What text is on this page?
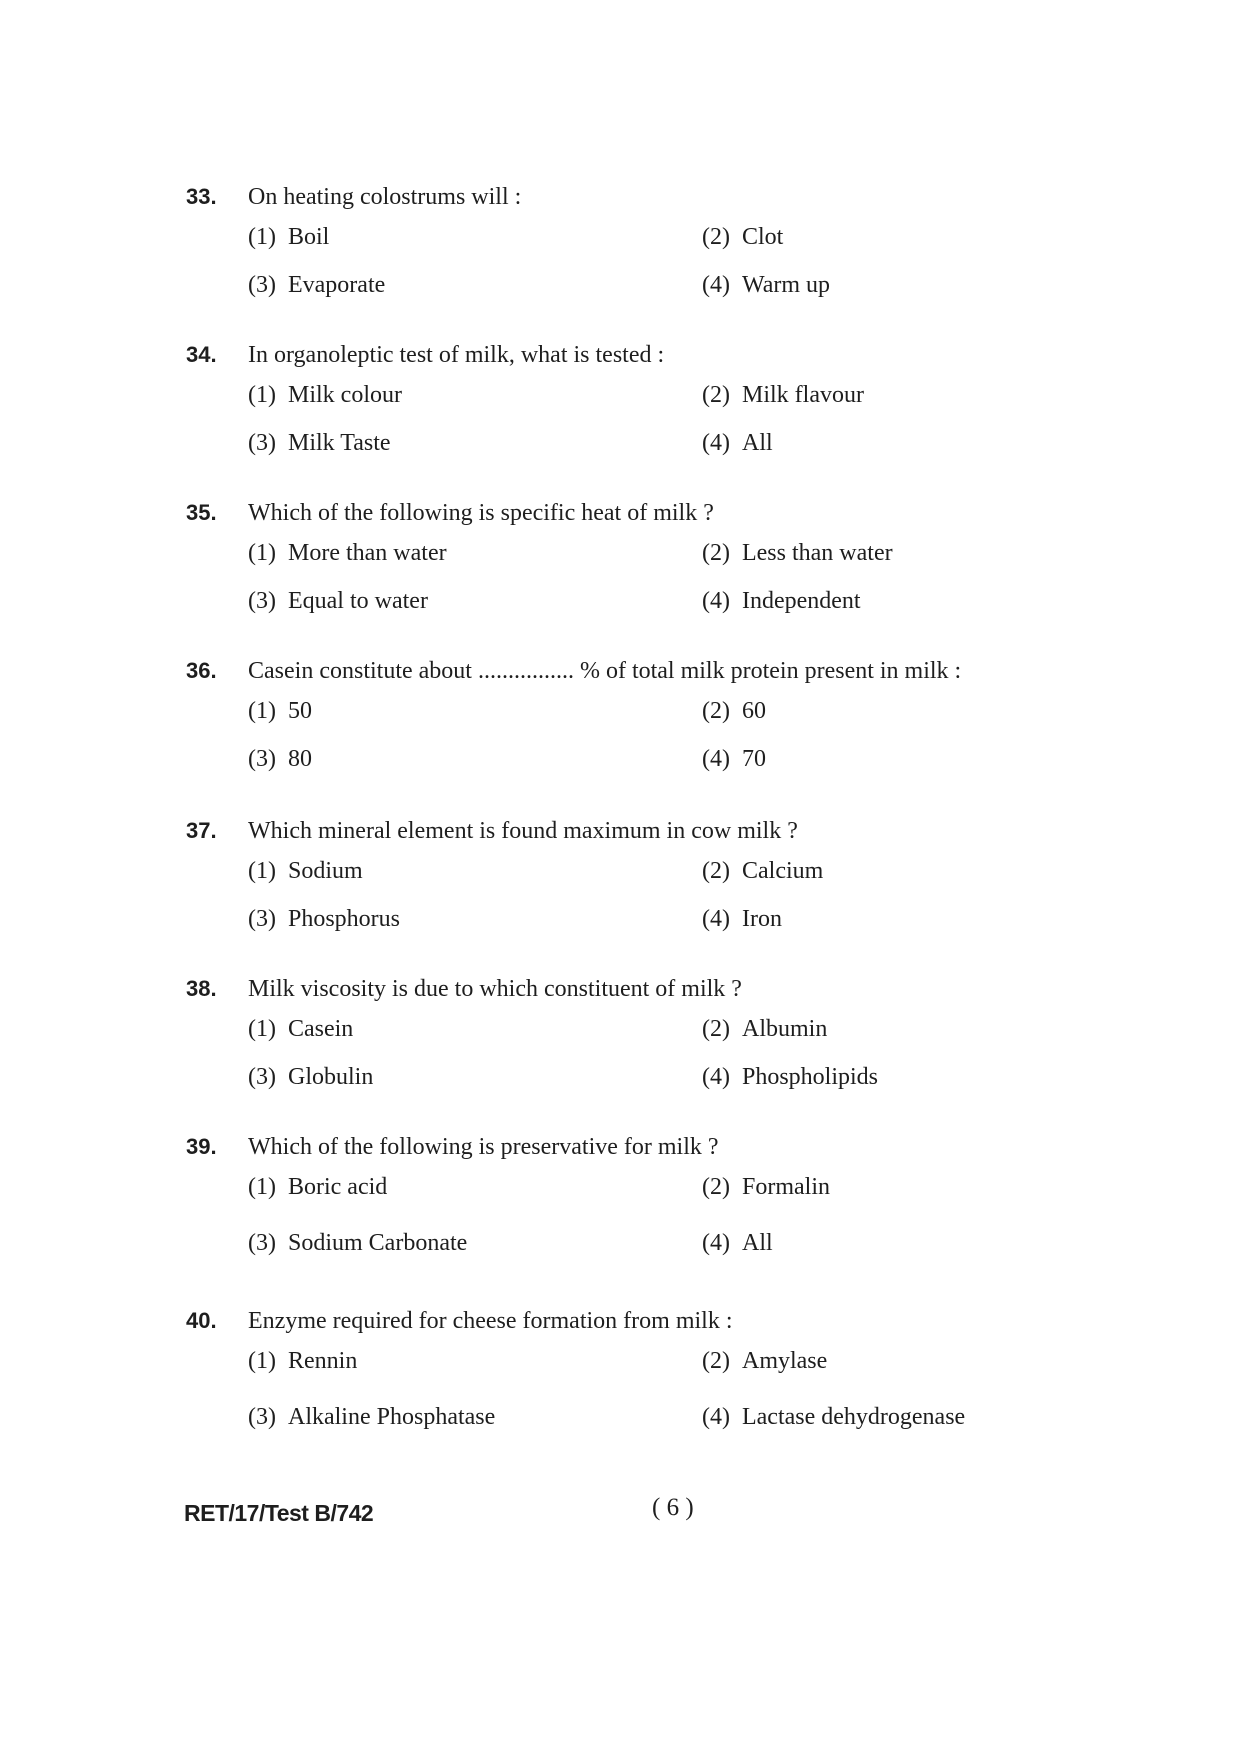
33.	On heating colostrums will :
(1) Boil	(2) Clot
(3) Evaporate	(4) Warm up
34.	In organoleptic test of milk, what is tested :
(1) Milk colour	(2) Milk flavour
(3) Milk Taste	(4) All
35.	Which of the following is specific heat of milk ?
(1) More than water	(2) Less than water
(3) Equal to water	(4) Independent
36.	Casein constitute about ................ % of total milk protein present in milk :
(1) 50	(2) 60
(3) 80	(4) 70
37.	Which mineral element is found maximum in cow milk ?
(1) Sodium	(2) Calcium
(3) Phosphorus	(4) Iron
38.	Milk viscosity is due to which constituent of milk ?
(1) Casein	(2) Albumin
(3) Globulin	(4) Phospholipids
39.	Which of the following is preservative for milk ?
(1) Boric acid	(2) Formalin
(3) Sodium Carbonate	(4) All
40.	Enzyme required for cheese formation from milk :
(1) Rennin	(2) Amylase
(3) Alkaline Phosphatase	(4) Lactase dehydrogenase
RET/17/Test B/742	( 6 )
